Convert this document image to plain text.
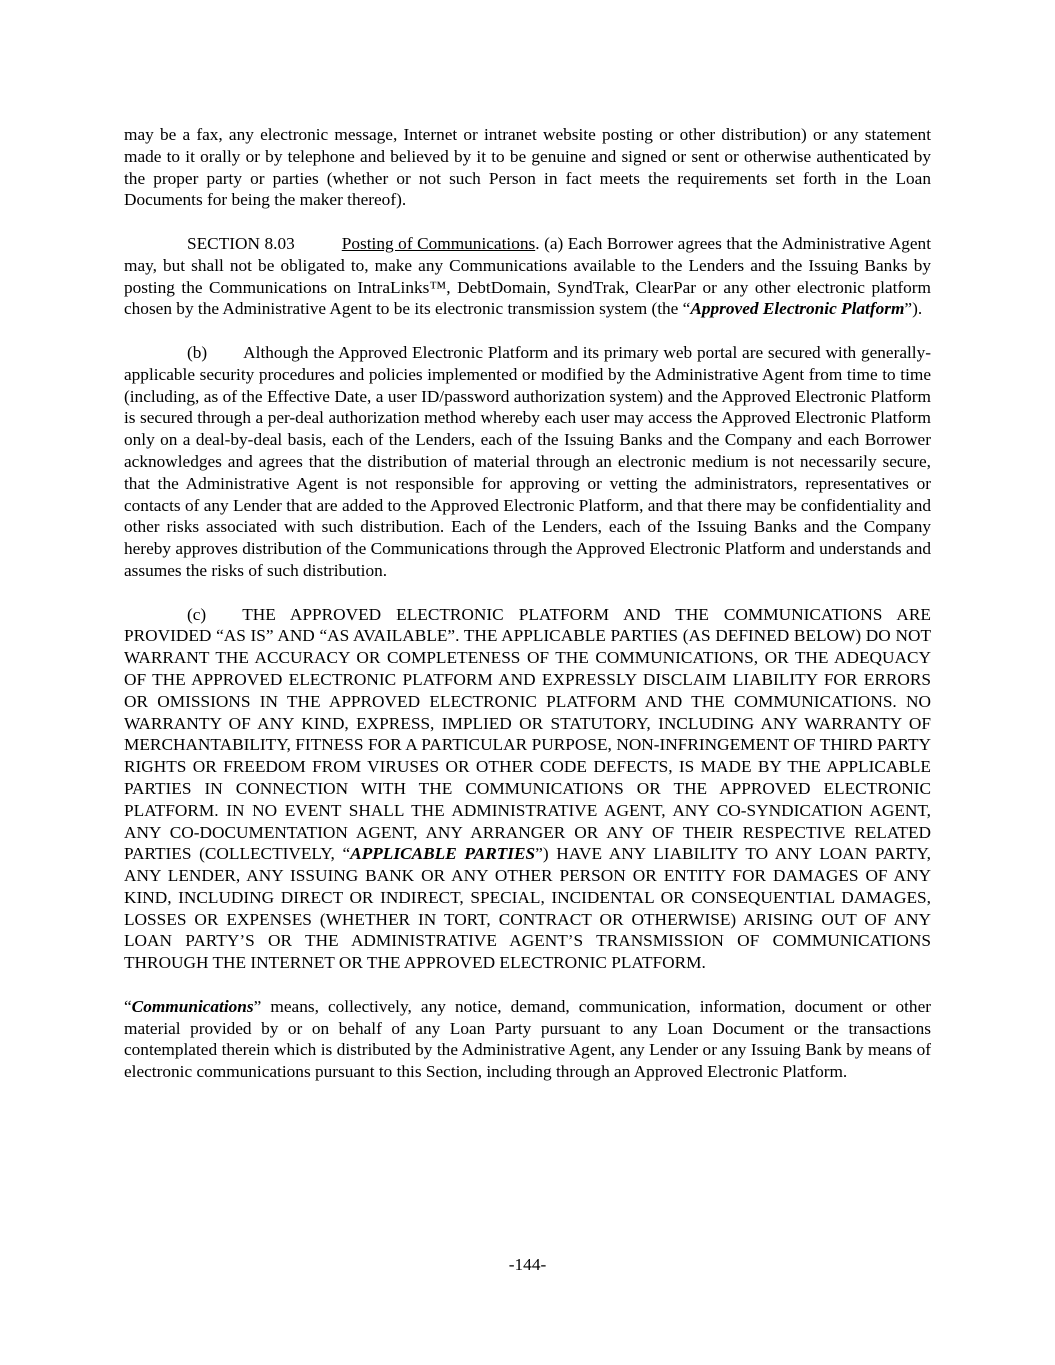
may be a fax, any electronic message, Internet or intranet website posting or other distribution) or any statement made to it orally or by telephone and believed by it to be genuine and signed or sent or otherwise authenticated by the proper party or parties (whether or not such Person in fact meets the requirements set forth in the Loan Documents for being the maker thereof).

SECTION 8.03	Posting of Communications. (a) Each Borrower agrees that the Administrative Agent may, but shall not be obligated to, make any Communications available to the Lenders and the Issuing Banks by posting the Communications on IntraLinks™, DebtDomain, SyndTrak, ClearPar or any other electronic platform chosen by the Administrative Agent to be its electronic transmission system (the “Approved Electronic Platform”).

(b) Although the Approved Electronic Platform and its primary web portal are secured with generally-applicable security procedures and policies implemented or modified by the Administrative Agent from time to time (including, as of the Effective Date, a user ID/password authorization system) and the Approved Electronic Platform is secured through a per-deal authorization method whereby each user may access the Approved Electronic Platform only on a deal-by-deal basis, each of the Lenders, each of the Issuing Banks and the Company and each Borrower acknowledges and agrees that the distribution of material through an electronic medium is not necessarily secure, that the Administrative Agent is not responsible for approving or vetting the administrators, representatives or contacts of any Lender that are added to the Approved Electronic Platform, and that there may be confidentiality and other risks associated with such distribution. Each of the Lenders, each of the Issuing Banks and the Company hereby approves distribution of the Communications through the Approved Electronic Platform and understands and assumes the risks of such distribution.

(c) THE APPROVED ELECTRONIC PLATFORM AND THE COMMUNICATIONS ARE PROVIDED “AS IS” AND “AS AVAILABLE”. THE APPLICABLE PARTIES (AS DEFINED BELOW) DO NOT WARRANT THE ACCURACY OR COMPLETENESS OF THE COMMUNICATIONS, OR THE ADEQUACY OF THE APPROVED ELECTRONIC PLATFORM AND EXPRESSLY DISCLAIM LIABILITY FOR ERRORS OR OMISSIONS IN THE APPROVED ELECTRONIC PLATFORM AND THE COMMUNICATIONS. NO WARRANTY OF ANY KIND, EXPRESS, IMPLIED OR STATUTORY, INCLUDING ANY WARRANTY OF MERCHANTABILITY, FITNESS FOR A PARTICULAR PURPOSE, NON-INFRINGEMENT OF THIRD PARTY RIGHTS OR FREEDOM FROM VIRUSES OR OTHER CODE DEFECTS, IS MADE BY THE APPLICABLE PARTIES IN CONNECTION WITH THE COMMUNICATIONS OR THE APPROVED ELECTRONIC PLATFORM. IN NO EVENT SHALL THE ADMINISTRATIVE AGENT, ANY CO-SYNDICATION AGENT, ANY CO-DOCUMENTATION AGENT, ANY ARRANGER OR ANY OF THEIR RESPECTIVE RELATED PARTIES (COLLECTIVELY, “APPLICABLE PARTIES”) HAVE ANY LIABILITY TO ANY LOAN PARTY, ANY LENDER, ANY ISSUING BANK OR ANY OTHER PERSON OR ENTITY FOR DAMAGES OF ANY KIND, INCLUDING DIRECT OR INDIRECT, SPECIAL, INCIDENTAL OR CONSEQUENTIAL DAMAGES, LOSSES OR EXPENSES (WHETHER IN TORT, CONTRACT OR OTHERWISE) ARISING OUT OF ANY LOAN PARTY’S OR THE ADMINISTRATIVE AGENT’S TRANSMISSION OF COMMUNICATIONS THROUGH THE INTERNET OR THE APPROVED ELECTRONIC PLATFORM.

“Communications” means, collectively, any notice, demand, communication, information, document or other material provided by or on behalf of any Loan Party pursuant to any Loan Document or the transactions contemplated therein which is distributed by the Administrative Agent, any Lender or any Issuing Bank by means of electronic communications pursuant to this Section, including through an Approved Electronic Platform.

-144-
